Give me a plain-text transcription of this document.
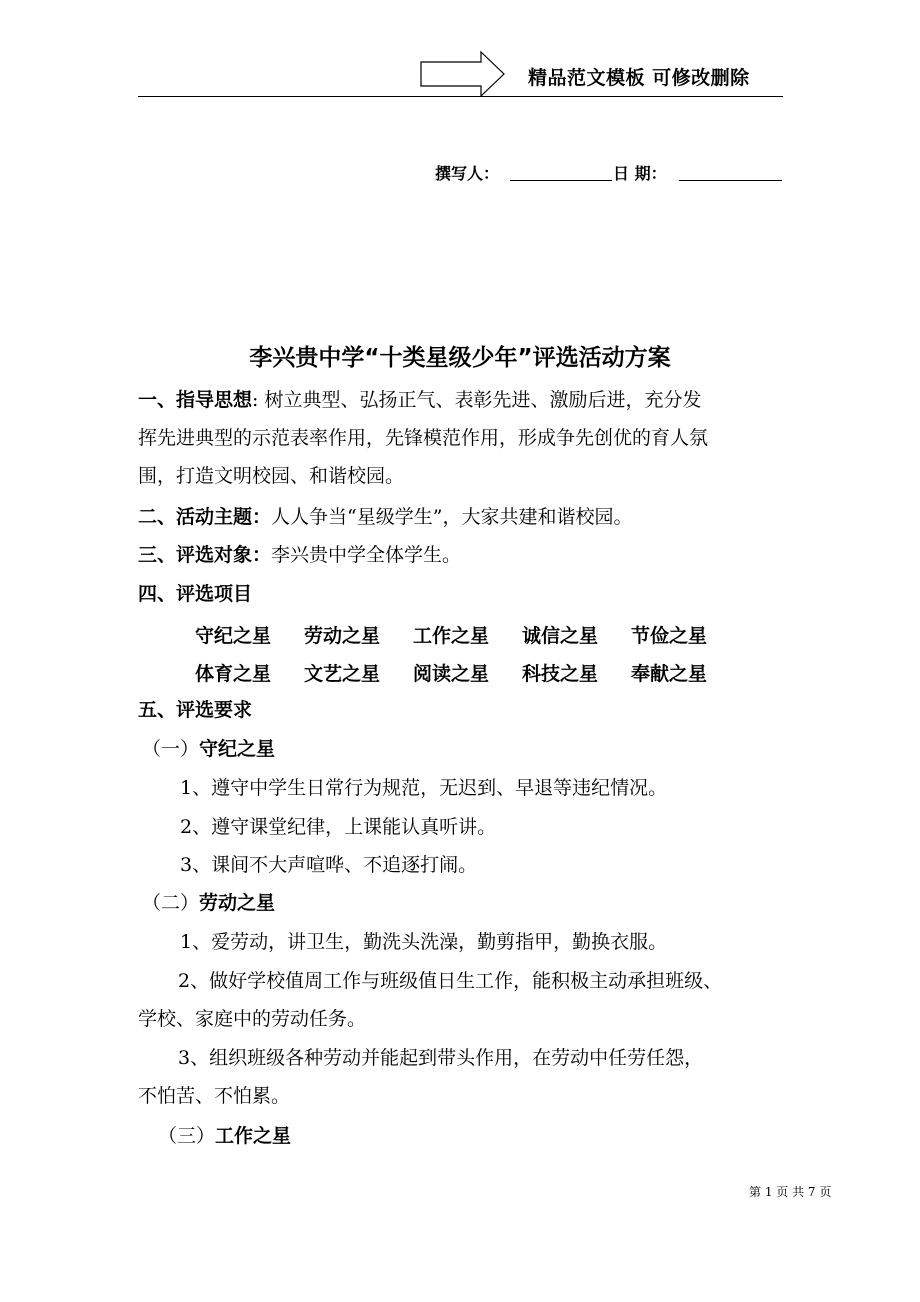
精品范文模板 可修改删除
撰写人：	日 期：
李兴贵中学“十类星级少年”评选活动方案
一、指导思想: 树立典型、弘扬正气、表彰先进、激励后进，充分发
挥先进典型的示范表率作用，先锋模范作用，形成争先创优的育人氛
围，打造文明校园、和谐校园。
二、活动主题：人人争当“星级学生”，大家共建和谐校园。
三、评选对象：李兴贵中学全体学生。
四、评选项目
守纪之星 劳动之星 工作之星 诚信之星 节俭之星
体育之星 文艺之星 阅读之星 科技之星 奉献之星
五、评选要求
（一）守纪之星
1、遵守中学生日常行为规范，无迟到、早退等违纪情况。
2、遵守课堂纪律，上课能认真听讲。
3、课间不大声喧哗、不追逐打闹。
（二）劳动之星
1、爱劳动，讲卫生，勤洗头洗澡，勤剪指甲，勤换衣服。
2、做好学校值周工作与班级值日生工作，能积极主动承担班级、
学校、家庭中的劳动任务。
3、组织班级各种劳动并能起到带头作用，在劳动中任劳任怨，
不怕苦、不怕累。
（三）工作之星
第 1 页 共 7 页
